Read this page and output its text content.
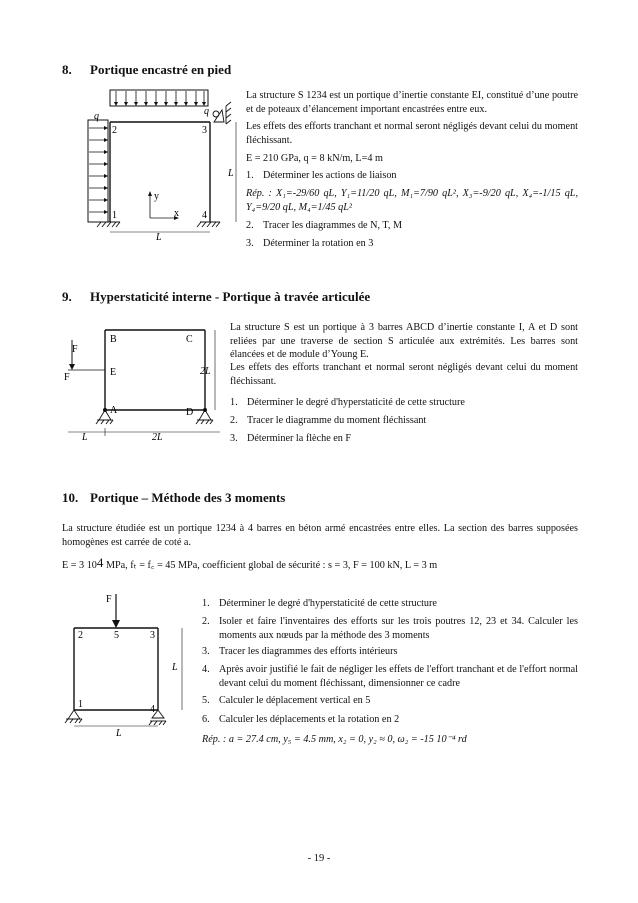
8. Portique encastré en pied
q	q
2	3
1	4
L
L
y
x
La structure S 1234 est un portique d’inertie constante EI, constitué d’une poutre et de poteaux d’élancement important encastrées entre eux.
Les effets des efforts tranchant et normal seront négligés devant celui du moment fléchissant.
E = 210 GPa, q = 8 kN/m, L=4 m
1. Déterminer les actions de liaison
Rép. : X₁=-29/60 qL, Y₁=11/20 qL, M₁=7/90 qL², X₃=-9/20 qL, X₄=-1/15 qL, Y₄=9/20 qL, M₄=1/45 qL²
2. Tracer les diagrammes de N, T, M
3. Déterminer la rotation en 3
9. Hyperstaticité interne - Portique à travée articulée
F
F
B	C
E
A	D
2L
L	2L
La structure S est un portique à 3 barres ABCD d’inertie constante I, A et D sont reliées par une traverse de section S articulée aux extrémités. Les barres sont élancées et de module d’Young E.
Les effets des efforts tranchant et normal seront négligés devant celui du moment fléchissant.
1. Déterminer le degré d'hyperstaticité de cette structure
2. Tracer le diagramme du moment fléchissant
3. Déterminer la flèche en F
10. Portique – Méthode des 3 moments
La structure étudiée est un portique 1234 à 4 barres en béton armé encastrées entre elles. La section des barres supposées homogènes est carrée de coté a.
E = 3 $10^4$ MPa, fₜ = f꜀ = 45 MPa, coefficient global de sécurité : s = 3, F = 100 kN, L = 3 m
F
2	5	3
1	4
L
L
1. Déterminer le degré d'hyperstaticité de cette structure
2. Isoler et faire l'inventaires des efforts sur les trois poutres 12, 23 et 34. Calculer les moments aux nœuds par la méthode des 3 moments
3. Tracer les diagrammes des efforts intérieurs
4. Après avoir justifié le fait de négliger les effets de l'effort tranchant et de l'effort normal devant celui du moment fléchissant, dimensionner ce cadre
5. Calculer le déplacement vertical en 5
6. Calculer les déplacements et la rotation en 2
Rép. : a = 27.4 cm, y₅ = 4.5 mm, x₂ = 0, y₂ ≈ 0, ω₂ = -15 10⁻⁴ rd
- 19 -
